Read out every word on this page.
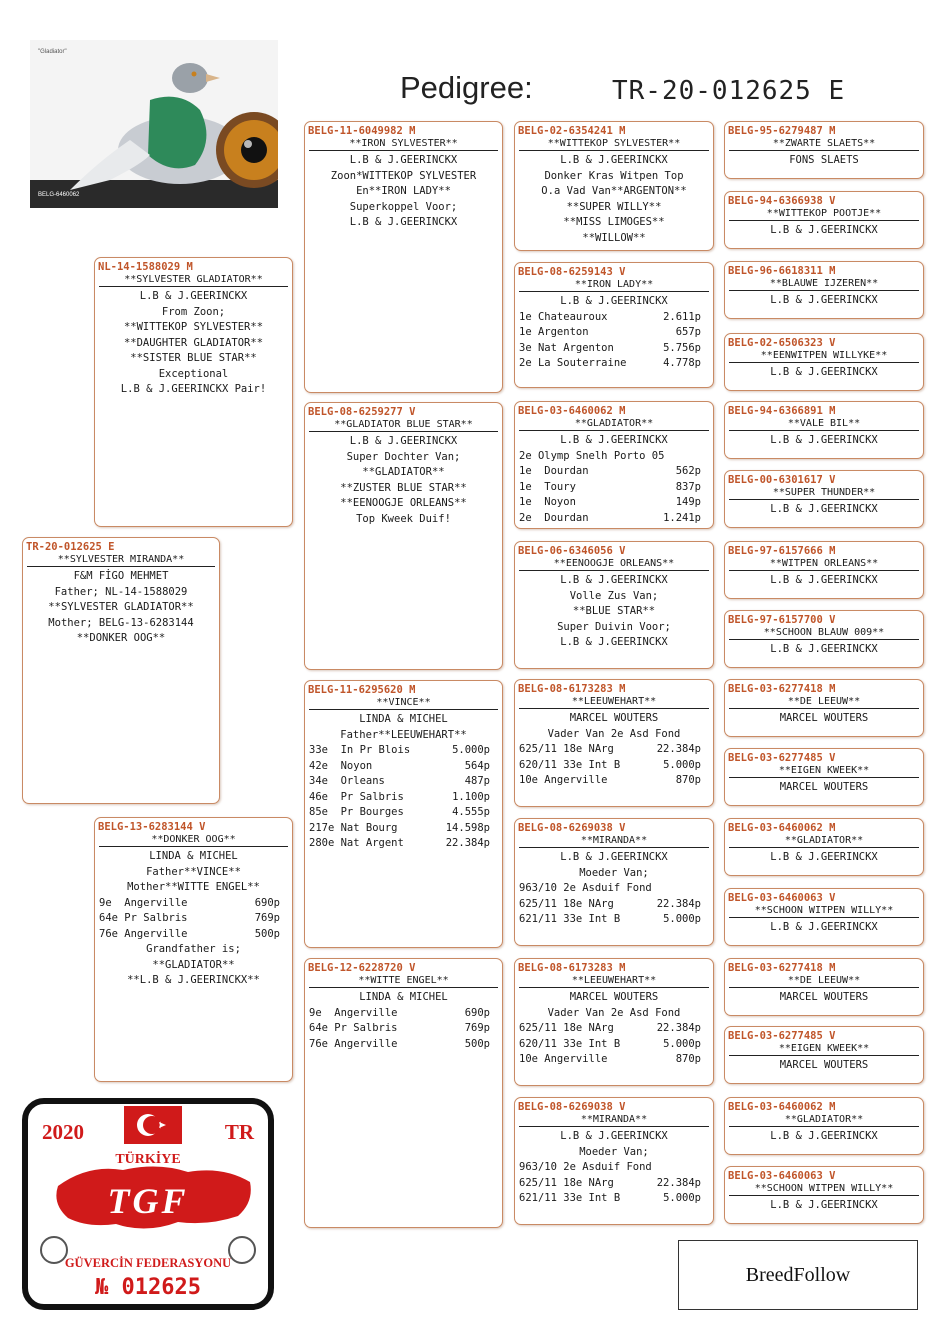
Pedigree:	TR-20-012625 E
"Gladiator"
BELG-6460062
TR-20-012625 E
**SYLVESTER MIRANDA**
F&M FİGO MEHMET
Father; NL-14-1588029
**SYLVESTER GLADIATOR**
Mother; BELG-13-6283144
**DONKER OOG**
NL-14-1588029 M
**SYLVESTER GLADIATOR**
L.B & J.GEERINCKX
From Zoon;
**WITTEKOP SYLVESTER**
**DAUGHTER GLADIATOR**
**SISTER BLUE STAR**
Exceptional
L.B & J.GEERINCKX Pair!
BELG-13-6283144 V
**DONKER OOG**
LINDA & MICHEL
Father**VINCE**
Mother**WITTE ENGEL**
9e  Angerville	690p
64e Pr Salbris	769p
76e Angerville	500p
Grandfather is;
**GLADIATOR**
**L.B & J.GEERINCKX**
BELG-11-6049982 M
**IRON SYLVESTER**
L.B & J.GEERINCKX
Zoon*WITTEKOP SYLVESTER
En**IRON LADY**
Superkoppel Voor;
L.B & J.GEERINCKX
BELG-08-6259277 V
**GLADIATOR BLUE STAR**
L.B & J.GEERINCKX
Super Dochter Van;
**GLADIATOR**
**ZUSTER BLUE STAR**
**EENOOGJE ORLEANS**
Top Kweek Duif!
BELG-11-6295620 M
**VINCE**
LINDA & MICHEL
Father**LEEUWEHART**
33e  In Pr Blois	5.000p
42e  Noyon	564p
34e  Orleans	487p
46e  Pr Salbris	1.100p
85e  Pr Bourges	4.555p
217e Nat Bourg	14.598p
280e Nat Argent	22.384p
BELG-12-6228720 V
**WITTE ENGEL**
LINDA & MICHEL
9e  Angerville	690p
64e Pr Salbris	769p
76e Angerville	500p
BELG-02-6354241 M
**WITTEKOP SYLVESTER**
L.B & J.GEERINCKX
Donker Kras Witpen Top
O.a Vad Van**ARGENTON**
**SUPER WILLY**
**MISS LIMOGES**
**WILLOW**
BELG-08-6259143 V
**IRON LADY**
L.B & J.GEERINCKX
1e Chateauroux	2.611p
1e Argenton	657p
3e Nat Argenton	5.756p
2e La Souterraine	4.778p
BELG-03-6460062 M
**GLADIATOR**
L.B & J.GEERINCKX
2e Olymp Snelh Porto 05
1e  Dourdan	562p
1e  Toury	837p
1e  Noyon	149p
2e  Dourdan	1.241p
BELG-06-6346056 V
**EENOOGJE ORLEANS**
L.B & J.GEERINCKX
Volle Zus Van;
**BLUE STAR**
Super Duivin Voor;
L.B & J.GEERINCKX
BELG-08-6173283 M
**LEEUWEHART**
MARCEL WOUTERS
Vader Van 2e Asd Fond
625/11 18e NArg	22.384p
620/11 33e Int B	5.000p
10e Angerville	870p
BELG-08-6269038 V
**MIRANDA**
L.B & J.GEERINCKX
Moeder Van;
963/10 2e Asduif Fond
625/11 18e NArg	22.384p
621/11 33e Int B	5.000p
BELG-08-6173283 M
**LEEUWEHART**
MARCEL WOUTERS
Vader Van 2e Asd Fond
625/11 18e NArg	22.384p
620/11 33e Int B	5.000p
10e Angerville	870p
BELG-08-6269038 V
**MIRANDA**
L.B & J.GEERINCKX
Moeder Van;
963/10 2e Asduif Fond
625/11 18e NArg	22.384p
621/11 33e Int B	5.000p
BELG-95-6279487 M
**ZWARTE SLAETS**
FONS SLAETS
BELG-94-6366938 V
**WITTEKOP POOTJE**
L.B & J.GEERINCKX
BELG-96-6618311 M
**BLAUWE IJZEREN**
L.B & J.GEERINCKX
BELG-02-6506323 V
**EENWITPEN WILLYKE**
L.B & J.GEERINCKX
BELG-94-6366891 M
**VALE BIL**
L.B & J.GEERINCKX
BELG-00-6301617 V
**SUPER THUNDER**
L.B & J.GEERINCKX
BELG-97-6157666 M
**WITPEN ORLEANS**
L.B & J.GEERINCKX
BELG-97-6157700 V
**SCHOON BLAUW 009**
L.B & J.GEERINCKX
BELG-03-6277418 M
**DE LEEUW**
MARCEL WOUTERS
BELG-03-6277485 V
**EIGEN KWEEK**
MARCEL WOUTERS
BELG-03-6460062 M
**GLADIATOR**
L.B & J.GEERINCKX
BELG-03-6460063 V
**SCHOON WITPEN WILLY**
L.B & J.GEERINCKX
BELG-03-6277418 M
**DE LEEUW**
MARCEL WOUTERS
BELG-03-6277485 V
**EIGEN KWEEK**
MARCEL WOUTERS
BELG-03-6460062 M
**GLADIATOR**
L.B & J.GEERINCKX
BELG-03-6460063 V
**SCHOON WITPEN WILLY**
L.B & J.GEERINCKX
2020	TR
TÜRKİYE
TGF
GÜVERCİN FEDERASYONU
№ 012625
BreedFollow
